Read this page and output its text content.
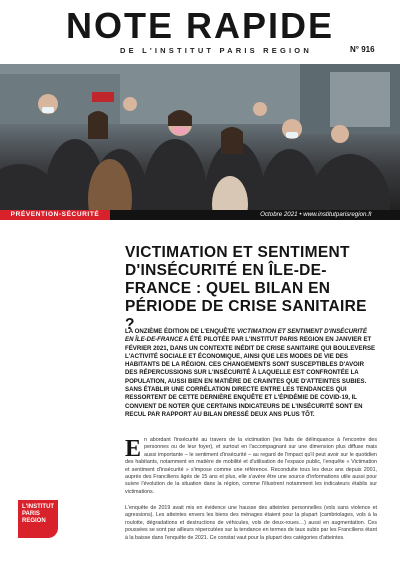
NOTE RAPIDE
DE L'INSTITUT PARIS REGION	N° 916
PRÉVENTION-SÉCURITÉ	Octobre 2021 • www.institutparisregion.fr
VICTIMATION ET SENTIMENT D'INSÉCURITÉ EN ÎLE-DE-FRANCE : QUEL BILAN EN PÉRIODE DE CRISE SANITAIRE ?
LA ONZIÈME ÉDITION DE L'ENQUÊTE VICTIMATION ET SENTIMENT D'INSÉCURITÉ EN ÎLE-DE-FRANCE A ÉTÉ PILOTÉE PAR L'INSTITUT PARIS REGION EN JANVIER ET FÉVRIER 2021, DANS UN CONTEXTE INÉDIT DE CRISE SANITAIRE QUI BOULEVERSE L'ACTIVITÉ SOCIALE ET ÉCONOMIQUE, AINSI QUE LES MODES DE VIE DES HABITANTS DE LA RÉGION. CES CHANGEMENTS SONT SUSCEPTIBLES D'AVOIR DES RÉPERCUSSIONS SUR L'INSÉCURITÉ À LAQUELLE EST CONFRONTÉE LA POPULATION, AUSSI BIEN EN MATIÈRE DE CRAINTES QUE D'ATTEINTES SUBIES. SANS ÉTABLIR UNE CORRÉLATION DIRECTE ENTRE LES TENDANCES QUI RESSORTENT DE CETTE DERNIÈRE ENQUÊTE ET L'ÉPIDÉMIE DE COVID-19, IL CONVIENT DE NOTER QUE CERTAINS INDICATEURS DE L'INSÉCURITÉ SONT EN RECUL PAR RAPPORT AU BILAN DRESSÉ DEUX ANS PLUS TÔT.
En abordant l'insécurité au travers de la victimation (les faits de délinquance à l'encontre des personnes ou de leur foyer), et surtout en l'accompagnant sur une dimension plus diffuse mais aussi importante – le sentiment d'insécurité – au regard de l'impact qu'il peut avoir sur le quotidien des habitants, notamment en matière de mobilité et d'utilisation de l'espace public, l'enquête « Victimation et sentiment d'insécurité » s'impose comme une référence. Reconduite tous les deux ans depuis 2001, auprès des Franciliens âgés de 15 ans et plus, elle s'avère être une source d'informations utile aussi pour suivre l'évolution de la situation dans la région, comme l'illustrent notamment les indicateurs établis sur victimations.
L'enquête de 2019 avait mis en évidence une hausse des atteintes personnelles (vols sans violence et agressions). Les atteintes envers les biens des ménages étaient pour la plupart (cambriolages, vols à la roulotte, dégradations et destructions de véhicules, vols de deux-roues…) aussi en augmentation. Ces poussées se sont par ailleurs répercutées sur la tendance en termes de taux subis par les Franciliens étant à la baisse dans l'enquête de 2021. Ce constat vaut pour la plupart des catégories d'atteintes.
L'INSTITUT
PARIS
REGION
